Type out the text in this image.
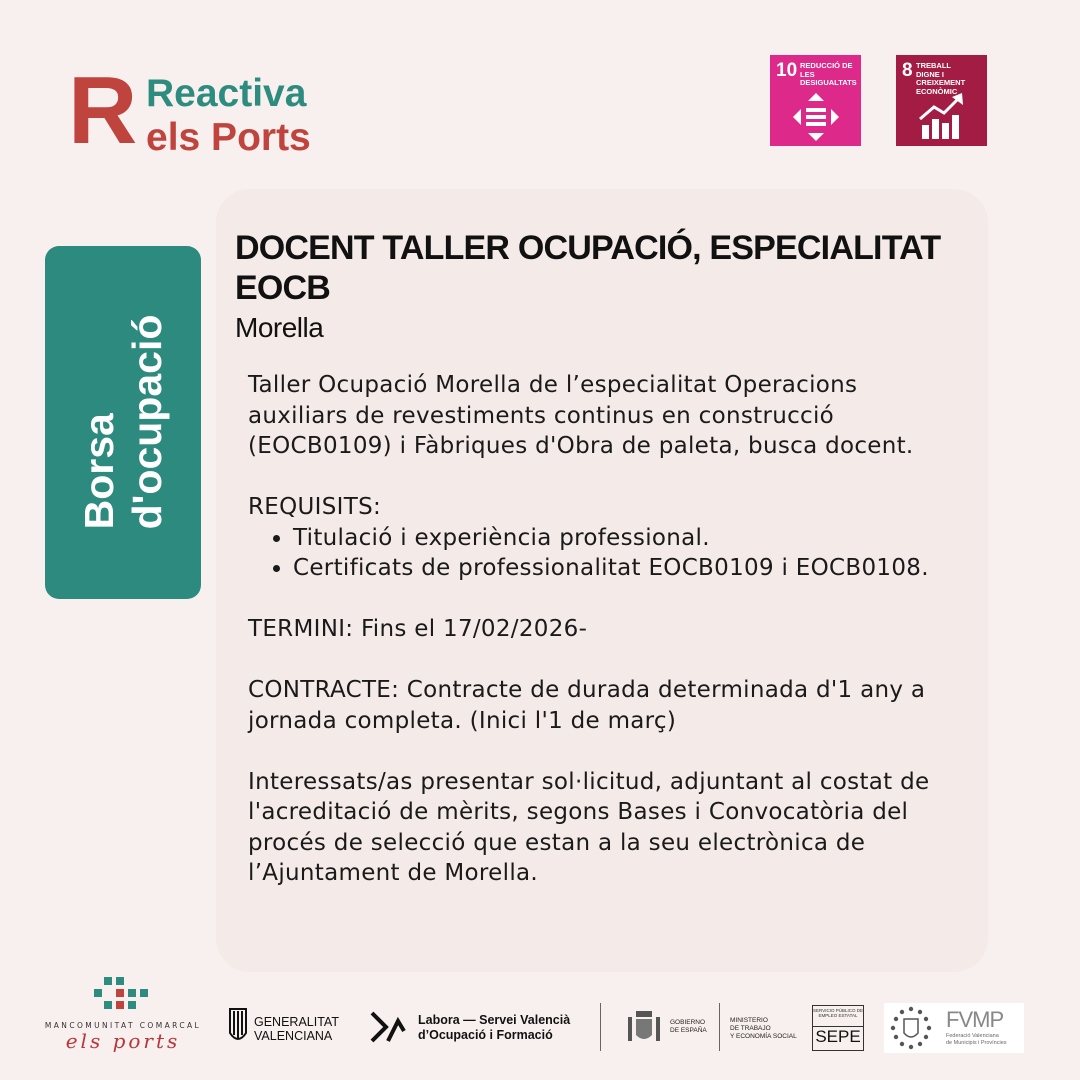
R Reactiva
els Ports
10 REDUCCIÓ DE LES DESIGUALTATS
8 TREBALL DIGNE I CREIXEMENT ECONÒMIC
Borsa d'ocupació
DOCENT TALLER OCUPACIÓ, ESPECIALITAT EOCB
Morella

Taller Ocupació Morella de l’especialitat Operacions auxiliars de revestiments continus en construcció (EOCB0109) i Fàbriques d'Obra de paleta, busca docent.

REQUISITS:

• Titulació i experiència professional.
• Certificats de professionalitat EOCB0109 i EOCB0108.

TERMINI: Fins el 17/02/2026-

CONTRACTE: Contracte de durada determinada d'1 any a jornada completa. (Inici l'1 de març)

Interessats/as presentar sol·licitud, adjuntant al costat de l'acreditació de mèrits, segons Bases i Convocatòria del procés de selecció que estan a la seu electrònica de l’Ajuntament de Morella.

MANCOMUNITAT COMARCAL
els ports
GENERALITAT
VALENCIANA
Labora — Servei Valencià
d’Ocupació i Formació
GOBIERNO
DE ESPAÑA
MINISTERIO
DE TRABAJO
Y ECONOMÍA SOCIAL
SERVICIO PÚBLICO DE EMPLEO ESTATAL
SEPE
FVMP
Federació Valenciana
de Municipis i Províncies
